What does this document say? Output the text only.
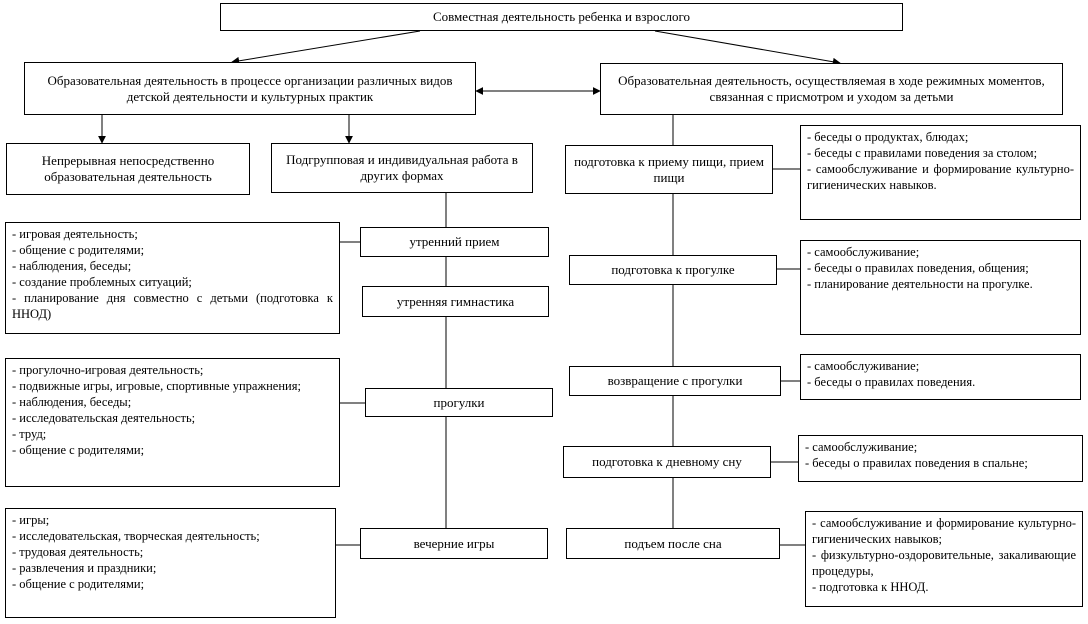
Совместная деятельность ребенка и взрослого
Образовательная деятельность в процессе организации различных видов детской деятельности и культурных практик
Образовательная деятельность, осуществляемая в ходе режимных моментов, связанная с присмотром и уходом за детьми
Непрерывная непосредственно образовательная деятельность
Подгрупповая и индивидуальная работа в других формах
утренний прием
утренняя гимнастика
прогулки
вечерние игры
подготовка к приему пищи, прием пищи
подготовка к прогулке
возвращение с прогулки
подготовка к дневному сну
подъем после сна
- игровая деятельность;
- общение с родителями;
- наблюдения, беседы;
- создание проблемных ситуаций;
- планирование дня совместно с детьми (подготовка к ННОД)
- прогулочно-игровая деятельность;
- подвижные игры, игровые, спортивные упражнения;
- наблюдения, беседы;
- исследовательская деятельность;
- труд;
- общение с родителями;
- игры;
- исследовательская, творческая деятельность;
- трудовая деятельность;
- развлечения и праздники;
- общение с родителями;
- беседы о продуктах, блюдах;
- беседы с правилами поведения за столом;
- самообслуживание и формирование культурно-гигиенических навыков.
- самообслуживание;
- беседы о правилах поведения, общения;
- планирование деятельности на прогулке.
- самообслуживание;
- беседы о правилах поведения.
- самообслуживание;
- беседы о правилах поведения в спальне;
- самообслуживание и формирование культурно-гигиенических навыков;
- физкультурно-оздоровительные, закаливающие процедуры,
- подготовка к ННОД.
